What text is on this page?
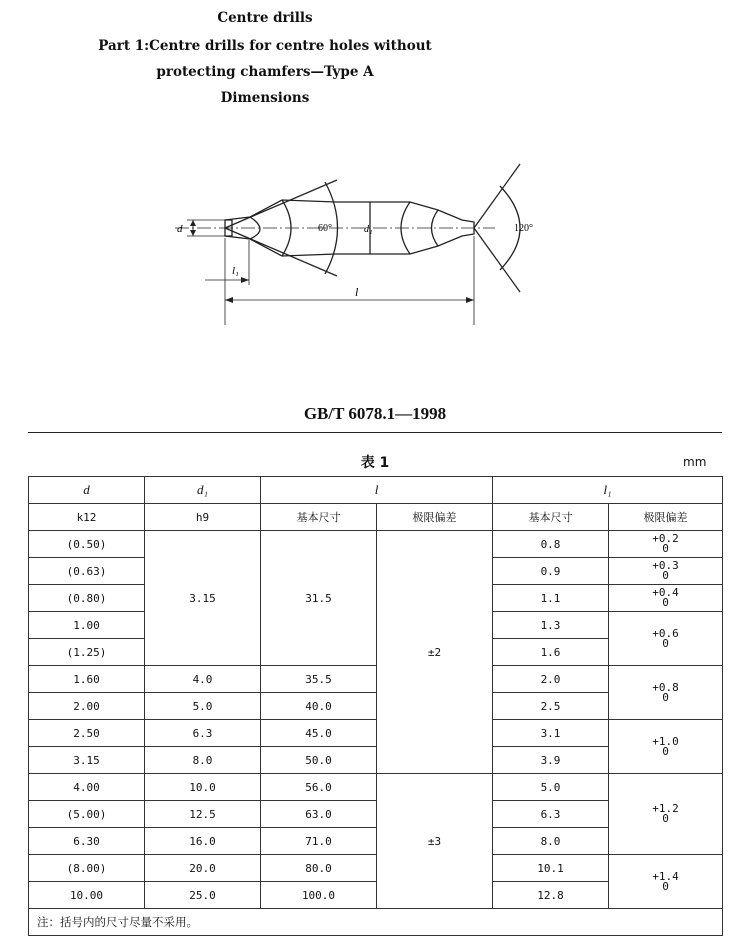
Centre drills
Part 1:Centre drills for centre holes without
protecting chamfers—Type A
Dimensions
d
l₁
l
d₁
60°	120°
GB/T 6078.1—1998
表 1	mm
d	d₁	l		l₁	
k12	h9	基本尺寸	极限偏差	基本尺寸	极限偏差
(0.50)	3.15	31.5	±2	0.8	+0.2
0

(0.63)				0.9	+0.3
0

(0.80)				1.1	+0.4
0

1.00				1.3	+0.6
0

(1.25)				1.6	
1.60	4.0	35.5		2.0	+0.8
0

2.00	5.0	40.0		2.5	
2.50	6.3	45.0		3.1	+1.0
0

3.15	8.0	50.0		3.9	
4.00	10.0	56.0	±3	5.0	+1.2
0

(5.00)	12.5	63.0		6.3	
6.30	16.0	71.0		8.0	
(8.00)	20.0	80.0		10.1	+1.4
0

10.00	25.0	100.0		12.8	
注：括号内的尺寸尽量不采用。					
